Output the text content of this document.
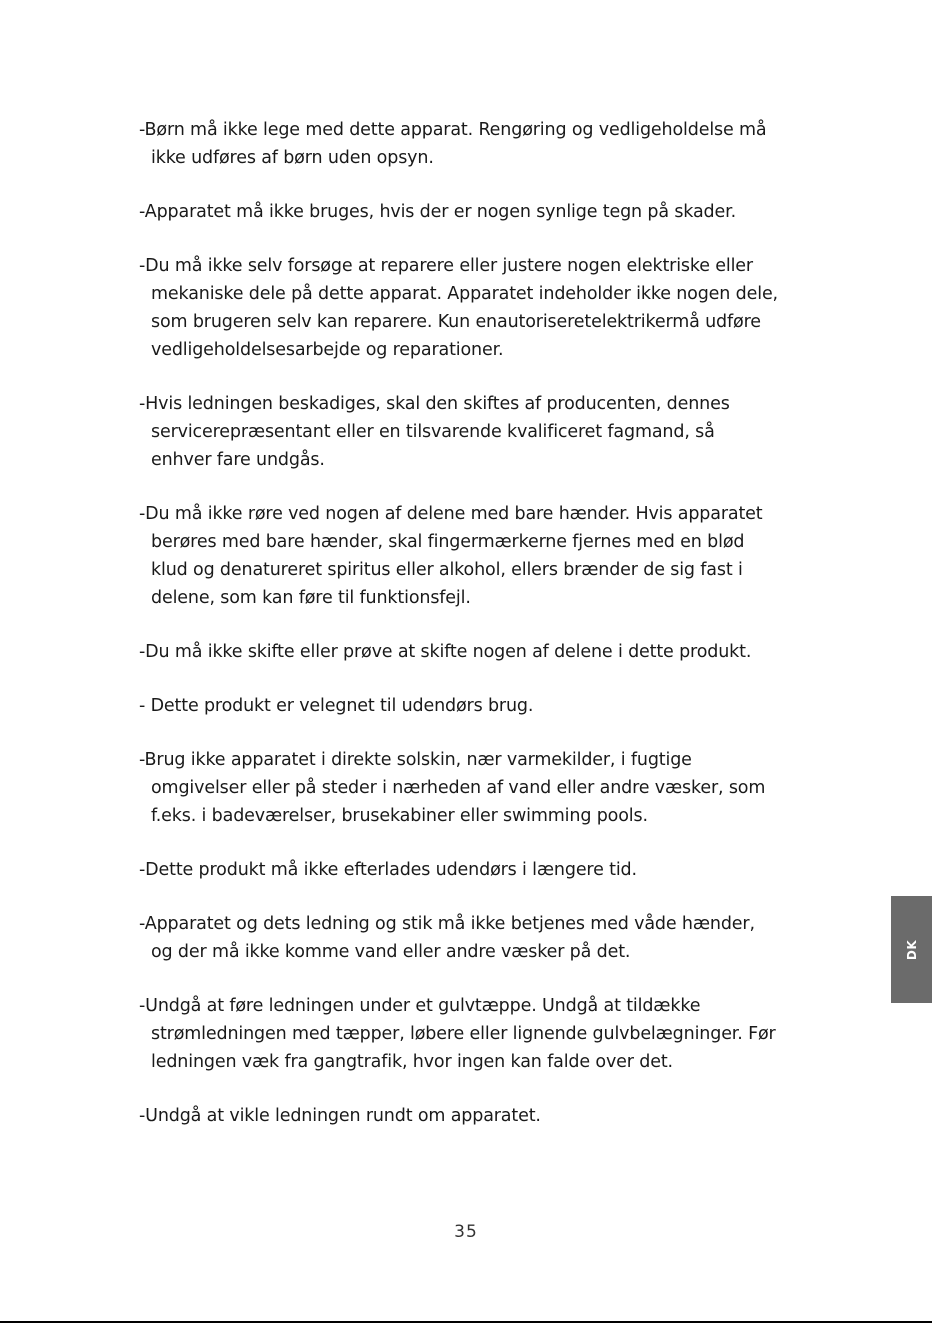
-Børn må ikke lege med dette apparat. Rengøring og vedligeholdelse må
ikke udføres af børn uden opsyn.
-Apparatet må ikke bruges, hvis der er nogen synlige tegn på skader.
-Du må ikke selv forsøge at reparere eller justere nogen elektriske eller
mekaniske dele på dette apparat. Apparatet indeholder ikke nogen dele,
som brugeren selv kan reparere. Kun enautoriseretelektrikermå udføre
vedligeholdelsesarbejde og reparationer.
-Hvis ledningen beskadiges, skal den skiftes af producenten, dennes
servicerepræsentant eller en tilsvarende kvalificeret fagmand, så
enhver fare undgås.
-Du må ikke røre ved nogen af delene med bare hænder. Hvis apparatet
berøres med bare hænder, skal fingermærkerne fjernes med en blød
klud og denatureret spiritus eller alkohol, ellers brænder de sig fast i
delene, som kan føre til funktionsfejl.
-Du må ikke skifte eller prøve at skifte nogen af delene i dette produkt.
- Dette produkt er velegnet til udendørs brug.
-Brug ikke apparatet i direkte solskin, nær varmekilder, i fugtige
omgivelser eller på steder i nærheden af vand eller andre væsker, som
f.eks. i badeværelser, brusekabiner eller swimming pools.
-Dette produkt må ikke efterlades udendørs i længere tid.
-Apparatet og dets ledning og stik må ikke betjenes med våde hænder,
og der må ikke komme vand eller andre væsker på det.
-Undgå at føre ledningen under et gulvtæppe. Undgå at tildække
strømledningen med tæpper, løbere eller lignende gulvbelægninger. Før
ledningen væk fra gangtrafik, hvor ingen kan falde over det.
-Undgå at vikle ledningen rundt om apparatet.
35
DK
